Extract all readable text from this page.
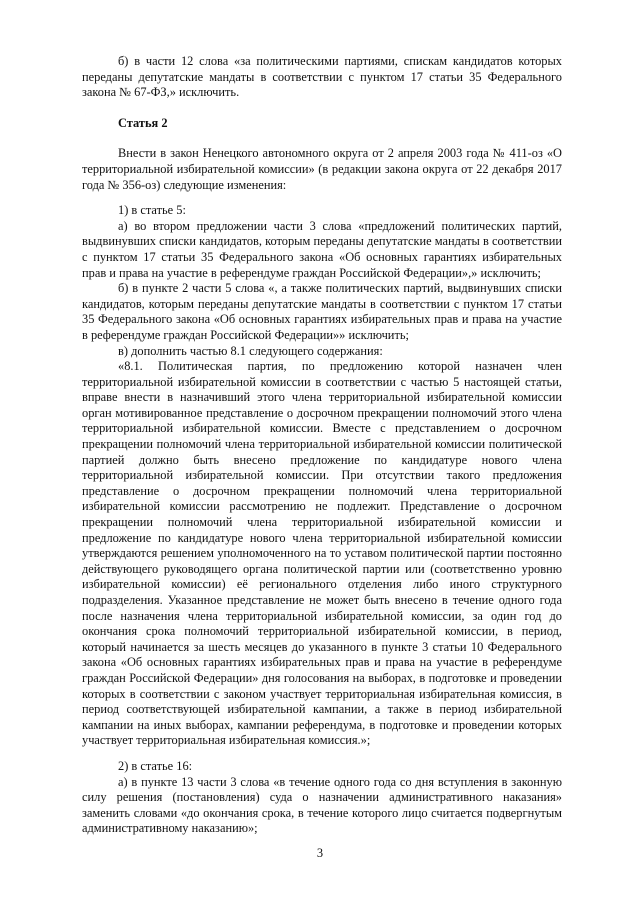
б) в части 12 слова «за политическими партиями, спискам кандидатов которых переданы депутатские мандаты в соответствии с пунктом 17 статьи 35 Федерального закона № 67-ФЗ,» исключить.

Статья 2

Внести в закон Ненецкого автономного округа от 2 апреля 2003 года № 411-оз «О территориальной избирательной комиссии» (в редакции закона округа от 22 декабря 2017 года № 356-оз) следующие изменения:

1) в статье 5:

а) во втором предложении части 3 слова «предложений политических партий, выдвинувших списки кандидатов, которым переданы депутатские мандаты в соответствии с пунктом 17 статьи 35 Федерального закона «Об основных гарантиях избирательных прав и права на участие в референдуме граждан Российской Федерации»,» исключить;

б) в пункте 2 части 5 слова «, а также политических партий, выдвинувших списки кандидатов, которым переданы депутатские мандаты в соответствии с пунктом 17 статьи 35 Федерального закона «Об основных гарантиях избирательных прав и права на участие в референдуме граждан Российской Федерации»» исключить;

в) дополнить частью 8.1 следующего содержания:

«8.1. Политическая партия, по предложению которой назначен член территориальной избирательной комиссии в соответствии с частью 5 настоящей статьи, вправе внести в назначивший этого члена территориальной избирательной комиссии орган мотивированное представление о досрочном прекращении полномочий этого члена территориальной избирательной комиссии. Вместе с представлением о досрочном прекращении полномочий члена территориальной избирательной комиссии политической партией должно быть внесено предложение по кандидатуре нового члена территориальной избирательной комиссии. При отсутствии такого предложения представление о досрочном прекращении полномочий члена территориальной избирательной комиссии рассмотрению не подлежит. Представление о досрочном прекращении полномочий члена территориальной избирательной комиссии и предложение по кандидатуре нового члена территориальной избирательной комиссии утверждаются решением уполномоченного на то уставом политической партии постоянно действующего руководящего органа политической партии или (соответственно уровню избирательной комиссии) её регионального отделения либо иного структурного подразделения. Указанное представление не может быть внесено в течение одного года после назначения члена территориальной избирательной комиссии, за один год до окончания срока полномочий территориальной избирательной комиссии, в период, который начинается за шесть месяцев до указанного в пункте 3 статьи 10 Федерального закона «Об основных гарантиях избирательных прав и права на участие в референдуме граждан Российской Федерации» дня голосования на выборах, в подготовке и проведении которых в соответствии с законом участвует территориальная избирательная комиссия, в период соответствующей избирательной кампании, а также в период избирательной кампании на иных выборах, кампании референдума, в подготовке и проведении которых участвует территориальная избирательная комиссия.»;

2) в статье 16:

а) в пункте 13 части 3 слова «в течение одного года со дня вступления в законную силу решения (постановления) суда о назначении административного наказания» заменить словами «до окончания срока, в течение которого лицо считается подвергнутым административному наказанию»;

3
